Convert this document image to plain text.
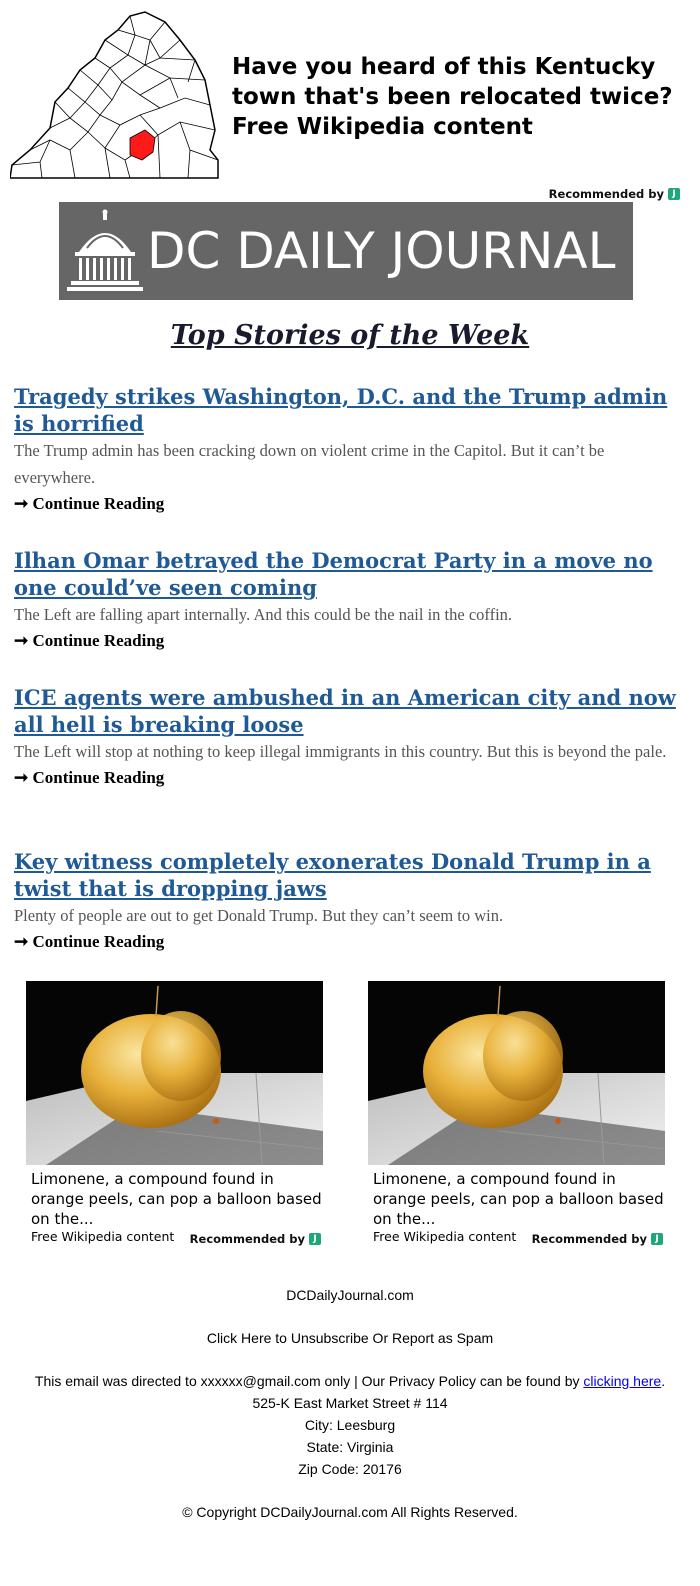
Have you heard of this Kentucky town that's been relocated twice?
Free Wikipedia content
Recommended by J
DC DAILY JOURNAL
Top Stories of the Week
Tragedy strikes Washington, D.C. and the Trump admin is horrified
The Trump admin has been cracking down on violent crime in the Capitol. But it can’t be everywhere.
➞ Continue Reading
Ilhan Omar betrayed the Democrat Party in a move no one could’ve seen coming
The Left are falling apart internally. And this could be the nail in the coffin.
➞ Continue Reading
ICE agents were ambushed in an American city and now all hell is breaking loose
The Left will stop at nothing to keep illegal immigrants in this country. But this is beyond the pale.
➞ Continue Reading
Key witness completely exonerates Donald Trump in a twist that is dropping jaws
Plenty of people are out to get Donald Trump. But they can’t seem to win.
➞ Continue Reading
Limonene, a compound found in orange peels, can pop a balloon based on the...
Free Wikipedia content	Recommended by J
Limonene, a compound found in orange peels, can pop a balloon based on the...
Free Wikipedia content	Recommended by J
DCDailyJournal.com
Click Here to Unsubscribe Or Report as Spam
This email was directed to xxxxxx@gmail.com only | Our Privacy Policy can be found by clicking here.
525-K East Market Street # 114
City: Leesburg
State: Virginia
Zip Code: 20176
© Copyright DCDailyJournal.com All Rights Reserved.
